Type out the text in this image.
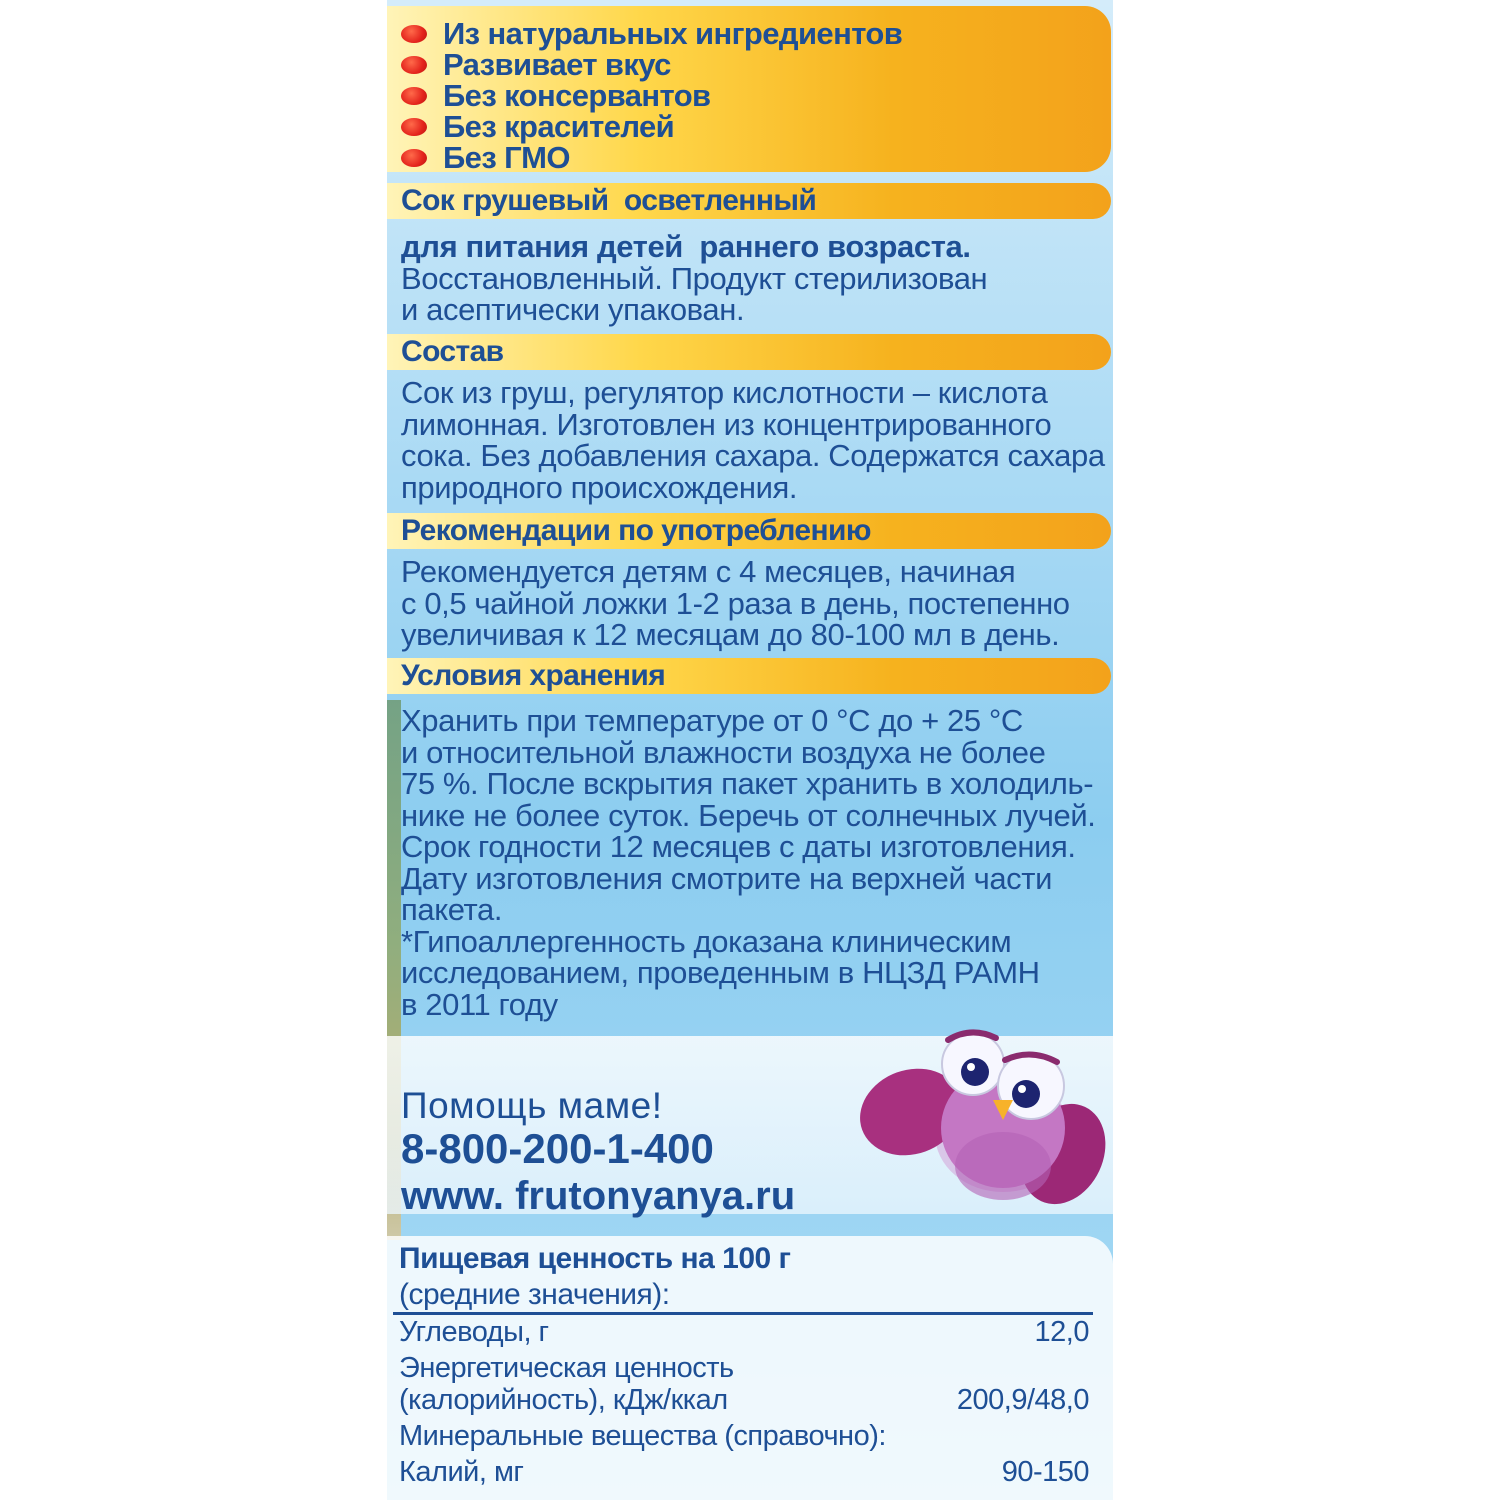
Из натуральных ингредиентов
Развивает вкус
Без консервантов
Без красителей
Без ГМО
Сок грушевый  осветленный
для питания детей  раннего возраста.
Восстановленный. Продукт стерилизован
и асептически упакован.
Состав
Сок из груш, регулятор кислотности – кислота
лимонная. Изготовлен из концентрированного
сока. Без добавления сахара. Содержатся сахара
природного происхождения.
Рекомендации по употреблению
Рекомендуется детям с 4 месяцев, начиная
с 0,5 чайной ложки 1-2 раза в день, постепенно
увеличивая к 12 месяцам до 80-100 мл в день.
Условия хранения
Хранить при температуре от 0 °С до + 25 °С
и относительной влажности воздуха не более
75 %. После вскрытия пакет хранить в холодиль-
нике не более суток. Беречь от солнечных лучей.
Срок годности 12 месяцев с даты изготовления.
Дату изготовления смотрите на верхней части
пакета.
*Гипоаллергенность доказана клиническим
исследованием, проведенным в НЦЗД РАМН
в 2011 году
Помощь маме!
8-800-200-1-400
www. frutonyanya.ru
Пищевая ценность на 100 г
(средние значения):
Углеводы, г	12,0
Энергетическая ценность
(калорийность), кДж/ккал	200,9/48,0
Минеральные вещества (справочно):
Калий, мг	90-150
